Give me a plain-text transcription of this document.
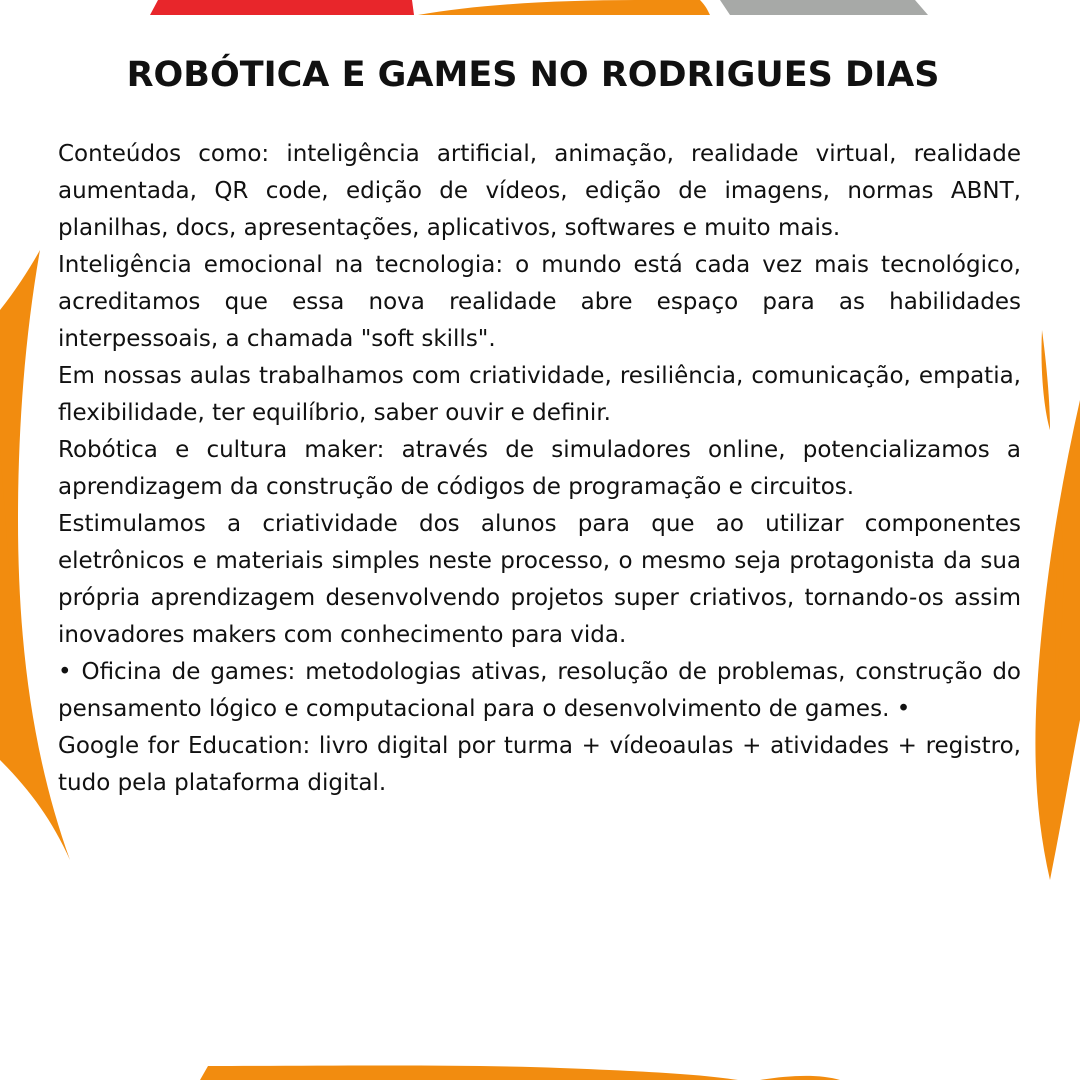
ROBÓTICA E GAMES NO RODRIGUES DIAS

Conteúdos como: inteligência artificial, animação, realidade virtual, realidade aumentada, QR code, edição de vídeos, edição de imagens, normas ABNT, planilhas, docs, apresentações, aplicativos, softwares e muito mais.

Inteligência emocional na tecnologia: o mundo está cada vez mais tecnológico, acreditamos que essa nova realidade abre espaço para as habilidades interpessoais, a chamada "soft skills".

Em nossas aulas trabalhamos com criatividade, resiliência, comunicação, empatia, flexibilidade, ter equilíbrio, saber ouvir e definir.

Robótica e cultura maker: através de simuladores online, potencializamos a aprendizagem da construção de códigos de programação e circuitos.

Estimulamos a criatividade dos alunos para que ao utilizar componentes eletrônicos e materiais simples neste processo, o mesmo seja protagonista da sua própria aprendizagem desenvolvendo projetos super criativos, tornando-os assim inovadores makers com conhecimento para vida.

• Oficina de games: metodologias ativas, resolução de problemas, construção do pensamento lógico e computacional para o desenvolvimento de games. •

Google for Education: livro digital por turma + vídeoaulas + atividades + registro, tudo pela plataforma digital.
